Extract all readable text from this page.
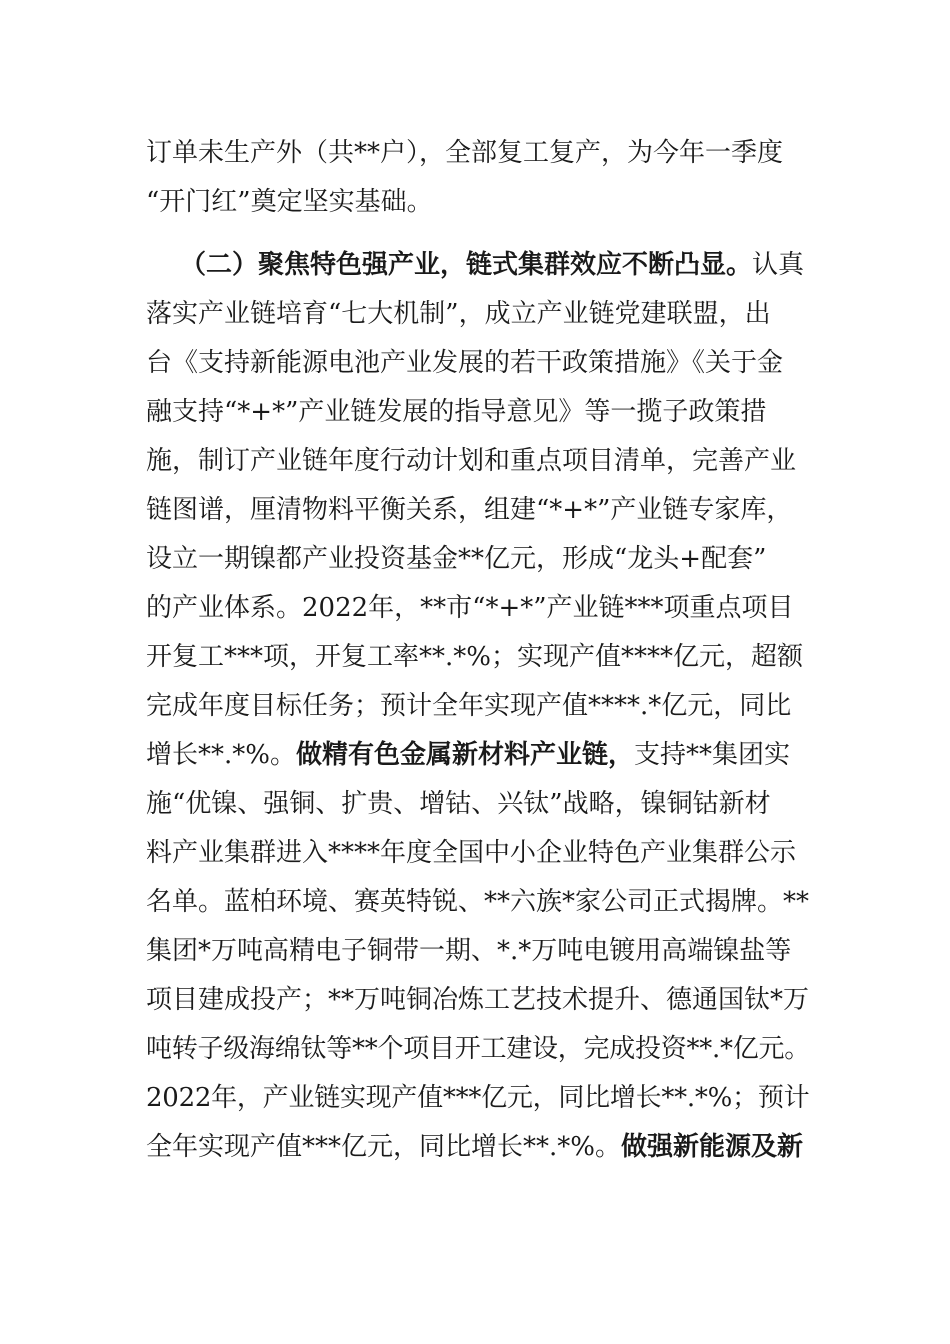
订单未生产外（共**户），全部复工复产，为今年一季度
“开门红”奠定坚实基础。
（二）聚焦特色强产业，链式集群效应不断凸显。认真
落实产业链培育“七大机制”，成立产业链党建联盟，出
台《支持新能源电池产业发展的若干政策措施》《关于金
融支持“*+*”产业链发展的指导意见》等一揽子政策措
施，制订产业链年度行动计划和重点项目清单，完善产业
链图谱，厘清物料平衡关系，组建“*+*”产业链专家库，
设立一期镍都产业投资基金**亿元，形成“龙头+配套”
的产业体系。2022年，**市“*+*”产业链***项重点项目
开复工***项，开复工率**.*%；实现产值****亿元，超额
完成年度目标任务；预计全年实现产值****.*亿元，同比
增长**.*%。做精有色金属新材料产业链，支持**集团实
施“优镍、强铜、扩贵、增钴、兴钛”战略，镍铜钴新材
料产业集群进入****年度全国中小企业特色产业集群公示
名单。蓝柏环境、赛英特锐、**六族*家公司正式揭牌。**
集团*万吨高精电子铜带一期、*.*万吨电镀用高端镍盐等
项目建成投产；**万吨铜冶炼工艺技术提升、德通国钛*万
吨转子级海绵钛等**个项目开工建设，完成投资**.*亿元。
2022年，产业链实现产值***亿元，同比增长**.*%；预计
全年实现产值***亿元，同比增长**.*%。做强新能源及新
